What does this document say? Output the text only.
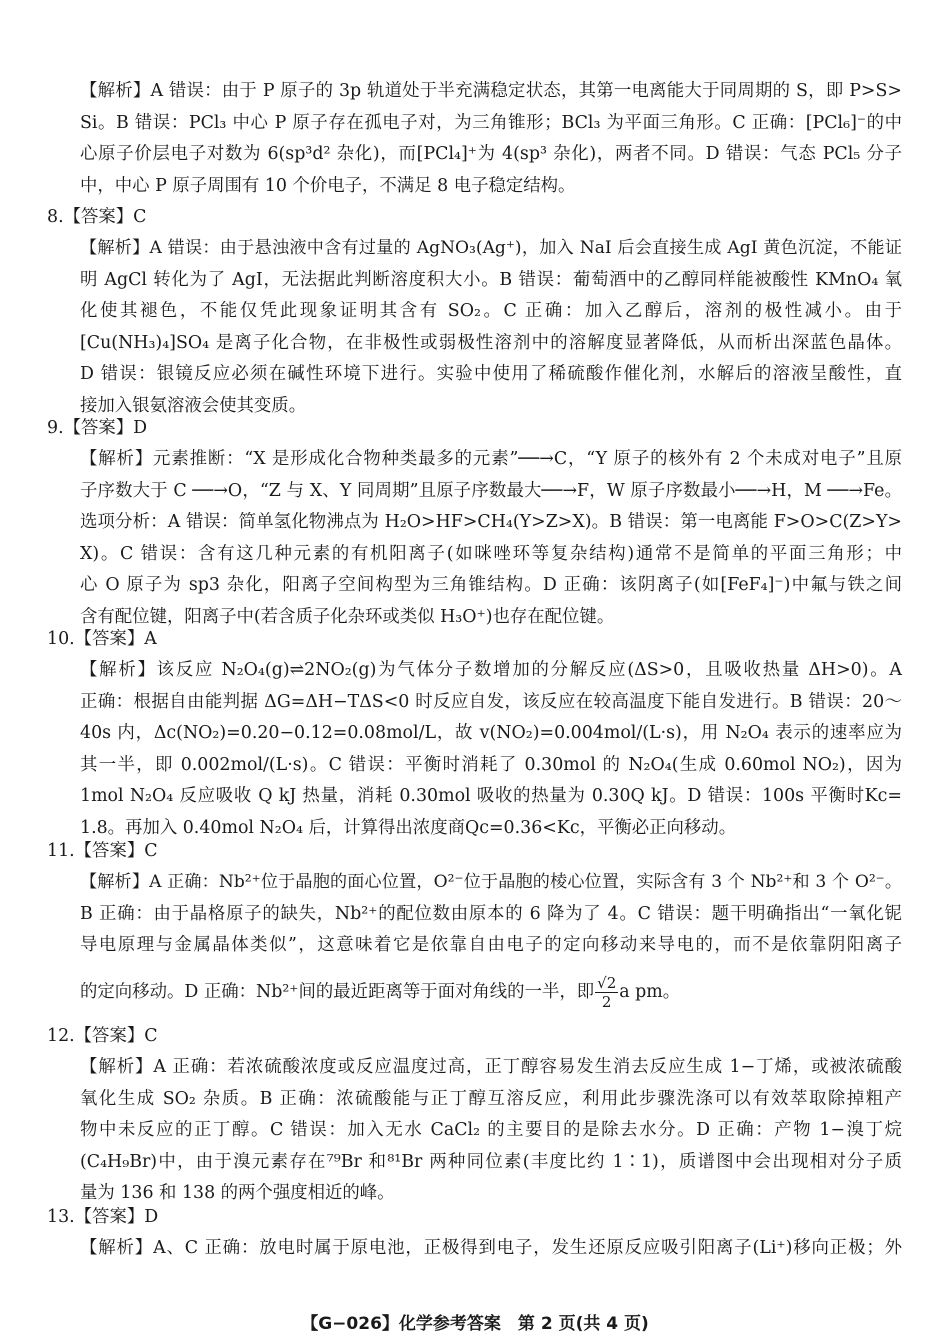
【解析】A 错误：由于 P 原子的 3p 轨道处于半充满稳定状态，其第一电离能大于同周期的 S，即 P>S>
Si。B 错误：PCl₃ 中心 P 原子存在孤电子对，为三角锥形；BCl₃ 为平面三角形。C 正确：[PCl₆]⁻的中
心原子价层电子对数为 6(sp³d² 杂化)，而[PCl₄]⁺为 4(sp³ 杂化)，两者不同。D 错误：气态 PCl₅ 分子
中，中心 P 原子周围有 10 个价电子，不满足 8 电子稳定结构。
8.【答案】C
【解析】A 错误：由于悬浊液中含有过量的 AgNO₃(Ag⁺)，加入 NaI 后会直接生成 AgI 黄色沉淀，不能证
明 AgCl 转化为了 AgI，无法据此判断溶度积大小。B 错误：葡萄酒中的乙醇同样能被酸性 KMnO₄ 氧
化使其褪色，不能仅凭此现象证明其含有 SO₂。C 正确：加入乙醇后，溶剂的极性减小。由于
[Cu(NH₃)₄]SO₄ 是离子化合物，在非极性或弱极性溶剂中的溶解度显著降低，从而析出深蓝色晶体。
D 错误：银镜反应必须在碱性环境下进行。实验中使用了稀硫酸作催化剂，水解后的溶液呈酸性，直
接加入银氨溶液会使其变质。
9.【答案】D
【解析】元素推断：“X 是形成化合物种类最多的元素”──→C，“Y 原子的核外有 2 个未成对电子”且原
子序数大于 C ──→O，“Z 与 X、Y 同周期”且原子序数最大──→F，W 原子序数最小──→H，M ──→Fe。
选项分析：A 错误：简单氢化物沸点为 H₂O>HF>CH₄(Y>Z>X)。B 错误：第一电离能 F>O>C(Z>Y>
X)。C 错误：含有这几种元素的有机阳离子(如咪唑环等复杂结构)通常不是简单的平面三角形；中
心 O 原子为 sp3 杂化，阳离子空间构型为三角锥结构。D 正确：该阴离子(如[FeF₄]⁻)中氟与铁之间
含有配位键，阳离子中(若含质子化杂环或类似 H₃O⁺)也存在配位键。
10.【答案】A
【解析】该反应 N₂O₄(g)⇌2NO₂(g)为气体分子数增加的分解反应(ΔS>0，且吸收热量 ΔH>0)。A
正确：根据自由能判据 ΔG=ΔH−TΔS<0 时反应自发，该反应在较高温度下能自发进行。B 错误：20～
40s 内，Δc(NO₂)=0.20−0.12=0.08mol/L，故 v(NO₂)=0.004mol/(L·s)，用 N₂O₄ 表示的速率应为
其一半，即 0.002mol/(L·s)。C 错误：平衡时消耗了 0.30mol 的 N₂O₄(生成 0.60mol NO₂)，因为
1mol N₂O₄ 反应吸收 Q kJ 热量，消耗 0.30mol 吸收的热量为 0.30Q kJ。D 错误：100s 平衡时Kc=
1.8。再加入 0.40mol N₂O₄ 后，计算得出浓度商Qc=0.36<Kc，平衡必正向移动。
11.【答案】C
【解析】A 正确：Nb²⁺位于晶胞的面心位置，O²⁻位于晶胞的棱心位置，实际含有 3 个 Nb²⁺和 3 个 O²⁻。
B 正确：由于晶格原子的缺失，Nb²⁺的配位数由原本的 6 降为了 4。C 错误：题干明确指出“一氧化铌
导电原理与金属晶体类似”，这意味着它是依靠自由电子的定向移动来导电的，而不是依靠阴阳离子
的定向移动。D 正确：Nb²⁺间的最近距离等于面对角线的一半，即 $\frac{√2}{2}$ a pm。
12.【答案】C
【解析】A 正确：若浓硫酸浓度或反应温度过高，正丁醇容易发生消去反应生成 1−丁烯，或被浓硫酸
氧化生成 SO₂ 杂质。B 正确：浓硫酸能与正丁醇互溶反应，利用此步骤洗涤可以有效萃取除掉粗产
物中未反应的正丁醇。C 错误：加入无水 CaCl₂ 的主要目的是除去水分。D 正确：产物 1−溴丁烷
(C₄H₉Br)中，由于溴元素存在⁷⁹Br 和⁸¹Br 两种同位素(丰度比约 1∶1)，质谱图中会出现相对分子质
量为 136 和 138 的两个强度相近的峰。
13.【答案】D
【解析】A、C 正确：放电时属于原电池，正极得到电子，发生还原反应吸引阳离子(Li⁺)移向正极；外
【G−026】化学参考答案　第 2 页(共 4 页)
